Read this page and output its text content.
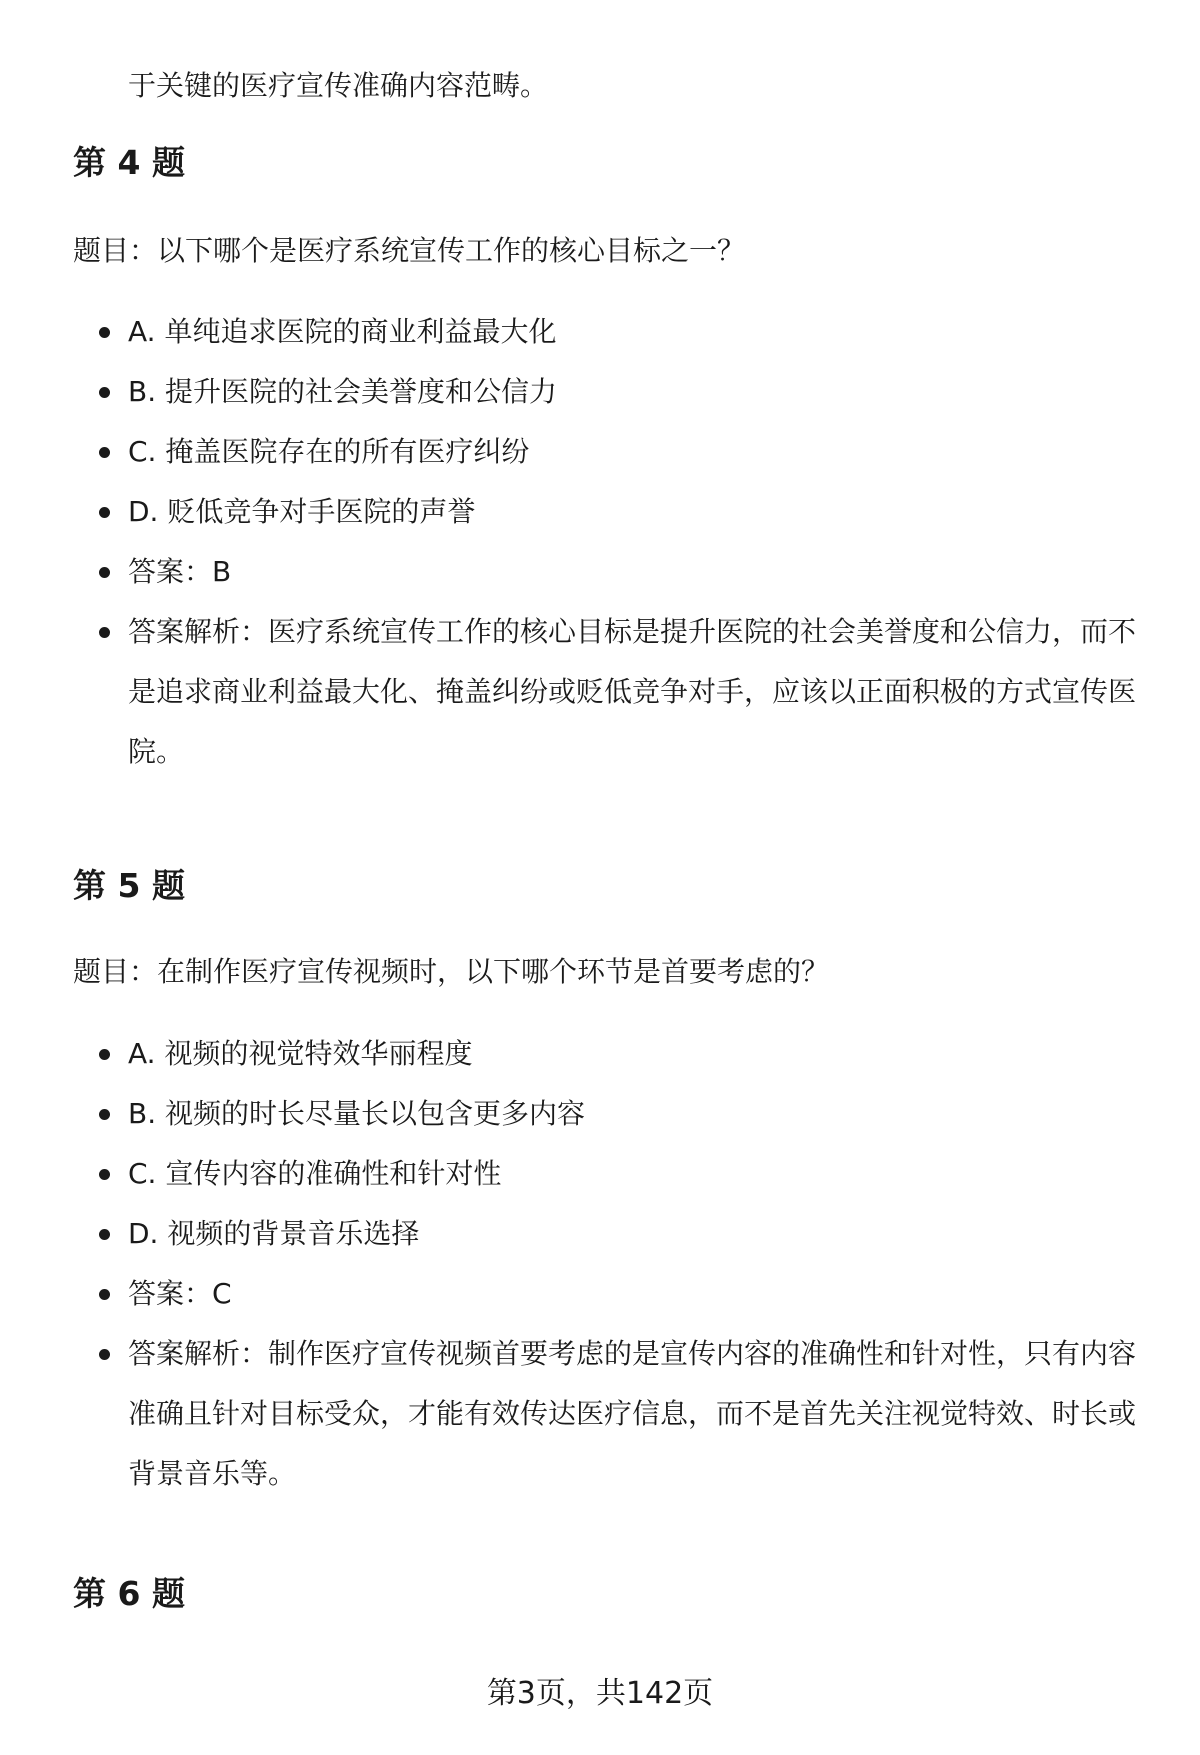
于关键的医疗宣传准确内容范畴。

第 4 题

题目：以下哪个是医疗系统宣传工作的核心目标之一？

A. 单纯追求医院的商业利益最大化
B. 提升医院的社会美誉度和公信力
C. 掩盖医院存在的所有医疗纠纷
D. 贬低竞争对手医院的声誉
答案：B
答案解析：医疗系统宣传工作的核心目标是提升医院的社会美誉度和公信力，而不是追求商业利益最大化、掩盖纠纷或贬低竞争对手，应该以正面积极的方式宣传医院。
第 5 题

题目：在制作医疗宣传视频时，以下哪个环节是首要考虑的？

A. 视频的视觉特效华丽程度
B. 视频的时长尽量长以包含更多内容
C. 宣传内容的准确性和针对性
D. 视频的背景音乐选择
答案：C
答案解析：制作医疗宣传视频首要考虑的是宣传内容的准确性和针对性，只有内容准确且针对目标受众，才能有效传达医疗信息，而不是首先关注视觉特效、时长或背景音乐等。
第 6 题
第3页，共142页
